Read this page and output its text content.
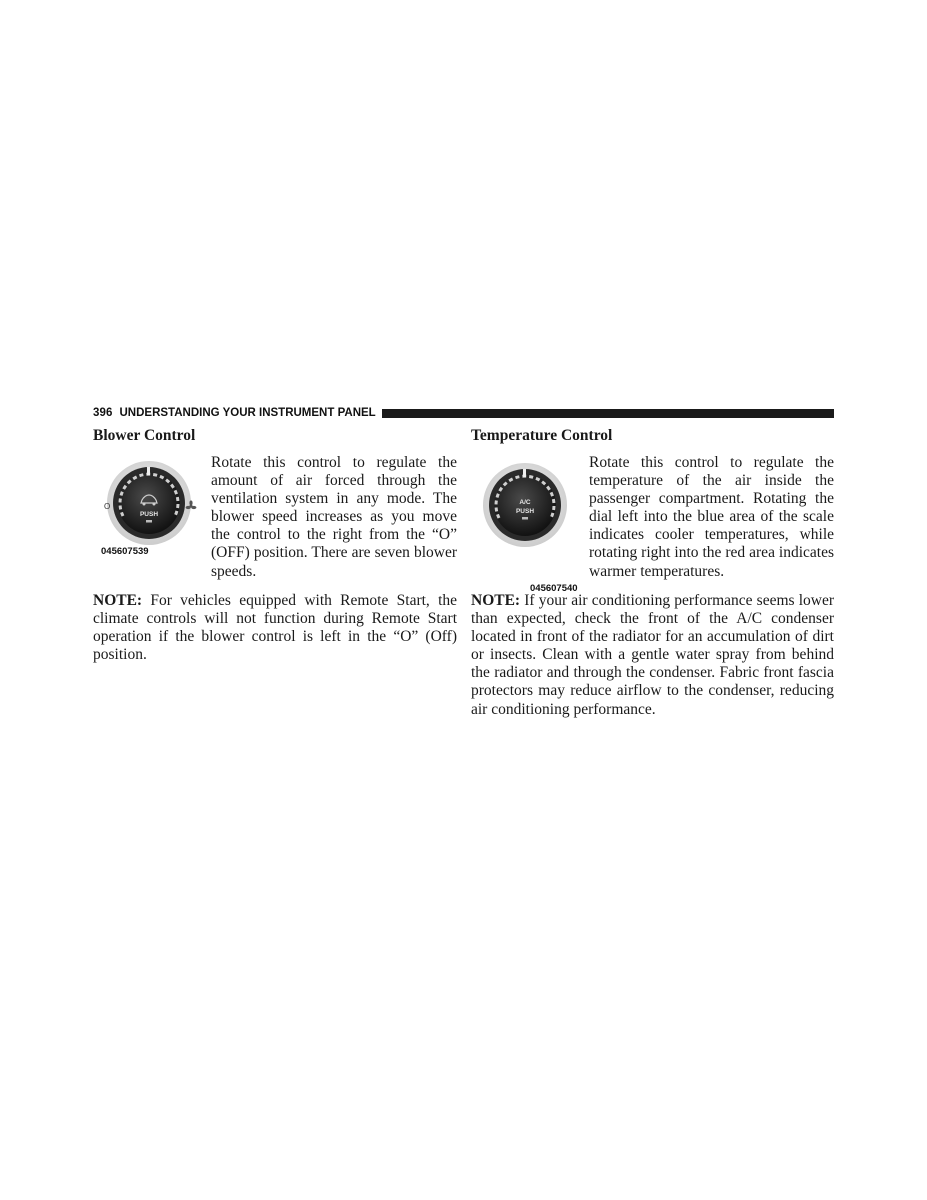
396 UNDERSTANDING YOUR INSTRUMENT PANEL
Blower Control
PUSH
O
045607539

Rotate this control to regulate the amount of air forced through the ventilation system in any mode. The blower speed increases as you move the control to the right from the “O” (OFF) position. There are seven blower speeds.

NOTE: For vehicles equipped with Remote Start, the climate controls will not function during Remote Start operation if the blower control is left in the “O” (Off) position.

Temperature Control
A/C
PUSH
045607540

Rotate this control to regulate the temperature of the air inside the passenger compartment. Rotating the dial left into the blue area of the scale indicates cooler temperatures, while rotating right into the red area indicates warmer temperatures.

NOTE: If your air conditioning performance seems lower than expected, check the front of the A/C condenser located in front of the radiator for an accumulation of dirt or insects. Clean with a gentle water spray from behind the radiator and through the condenser. Fabric front fascia protectors may reduce airflow to the condenser, reducing air conditioning performance.
